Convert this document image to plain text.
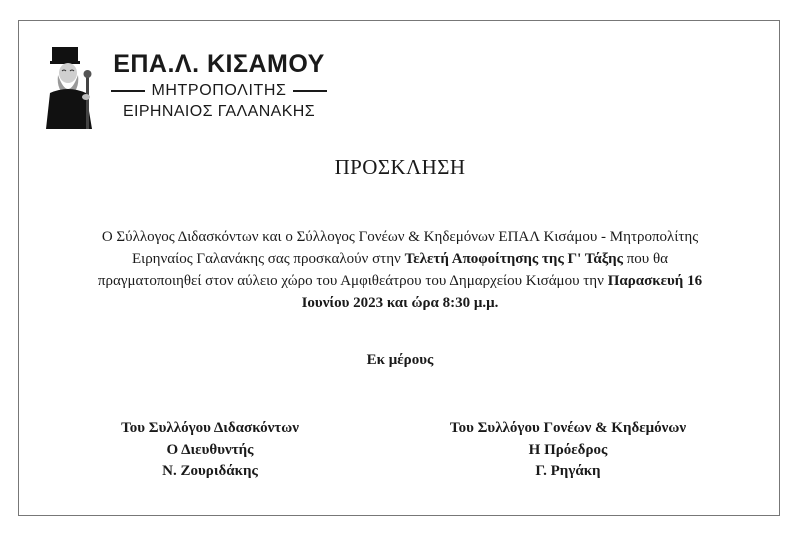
ΕΠΑ.Λ. ΚΙΣΑΜΟΥ
ΜΗΤΡΟΠΟΛΙΤΗΣ
ΕΙΡΗΝΑΙΟΣ ΓΑΛΑΝΑΚΗΣ
ΠΡΟΣΚΛΗΣΗ
Ο Σύλλογος Διδασκόντων και ο Σύλλογος Γονέων & Κηδεμόνων ΕΠΑΛ Κισάμου - Μητροπολίτης Ειρηναίος Γαλανάκης σας προσκαλούν στην Τελετή Αποφοίτησης της Γ' Τάξης που θα πραγματοποιηθεί στον αύλειο χώρο του Αμφιθεάτρου του Δημαρχείου Κισάμου την Παρασκευή 16 Ιουνίου 2023 και ώρα 8:30 μ.μ.
Εκ μέρους
Του Συλλόγου Διδασκόντων
Ο Διευθυντής
Ν. Ζουριδάκης
Του Συλλόγου Γονέων & Κηδεμόνων
Η Πρόεδρος
Γ. Ρηγάκη
